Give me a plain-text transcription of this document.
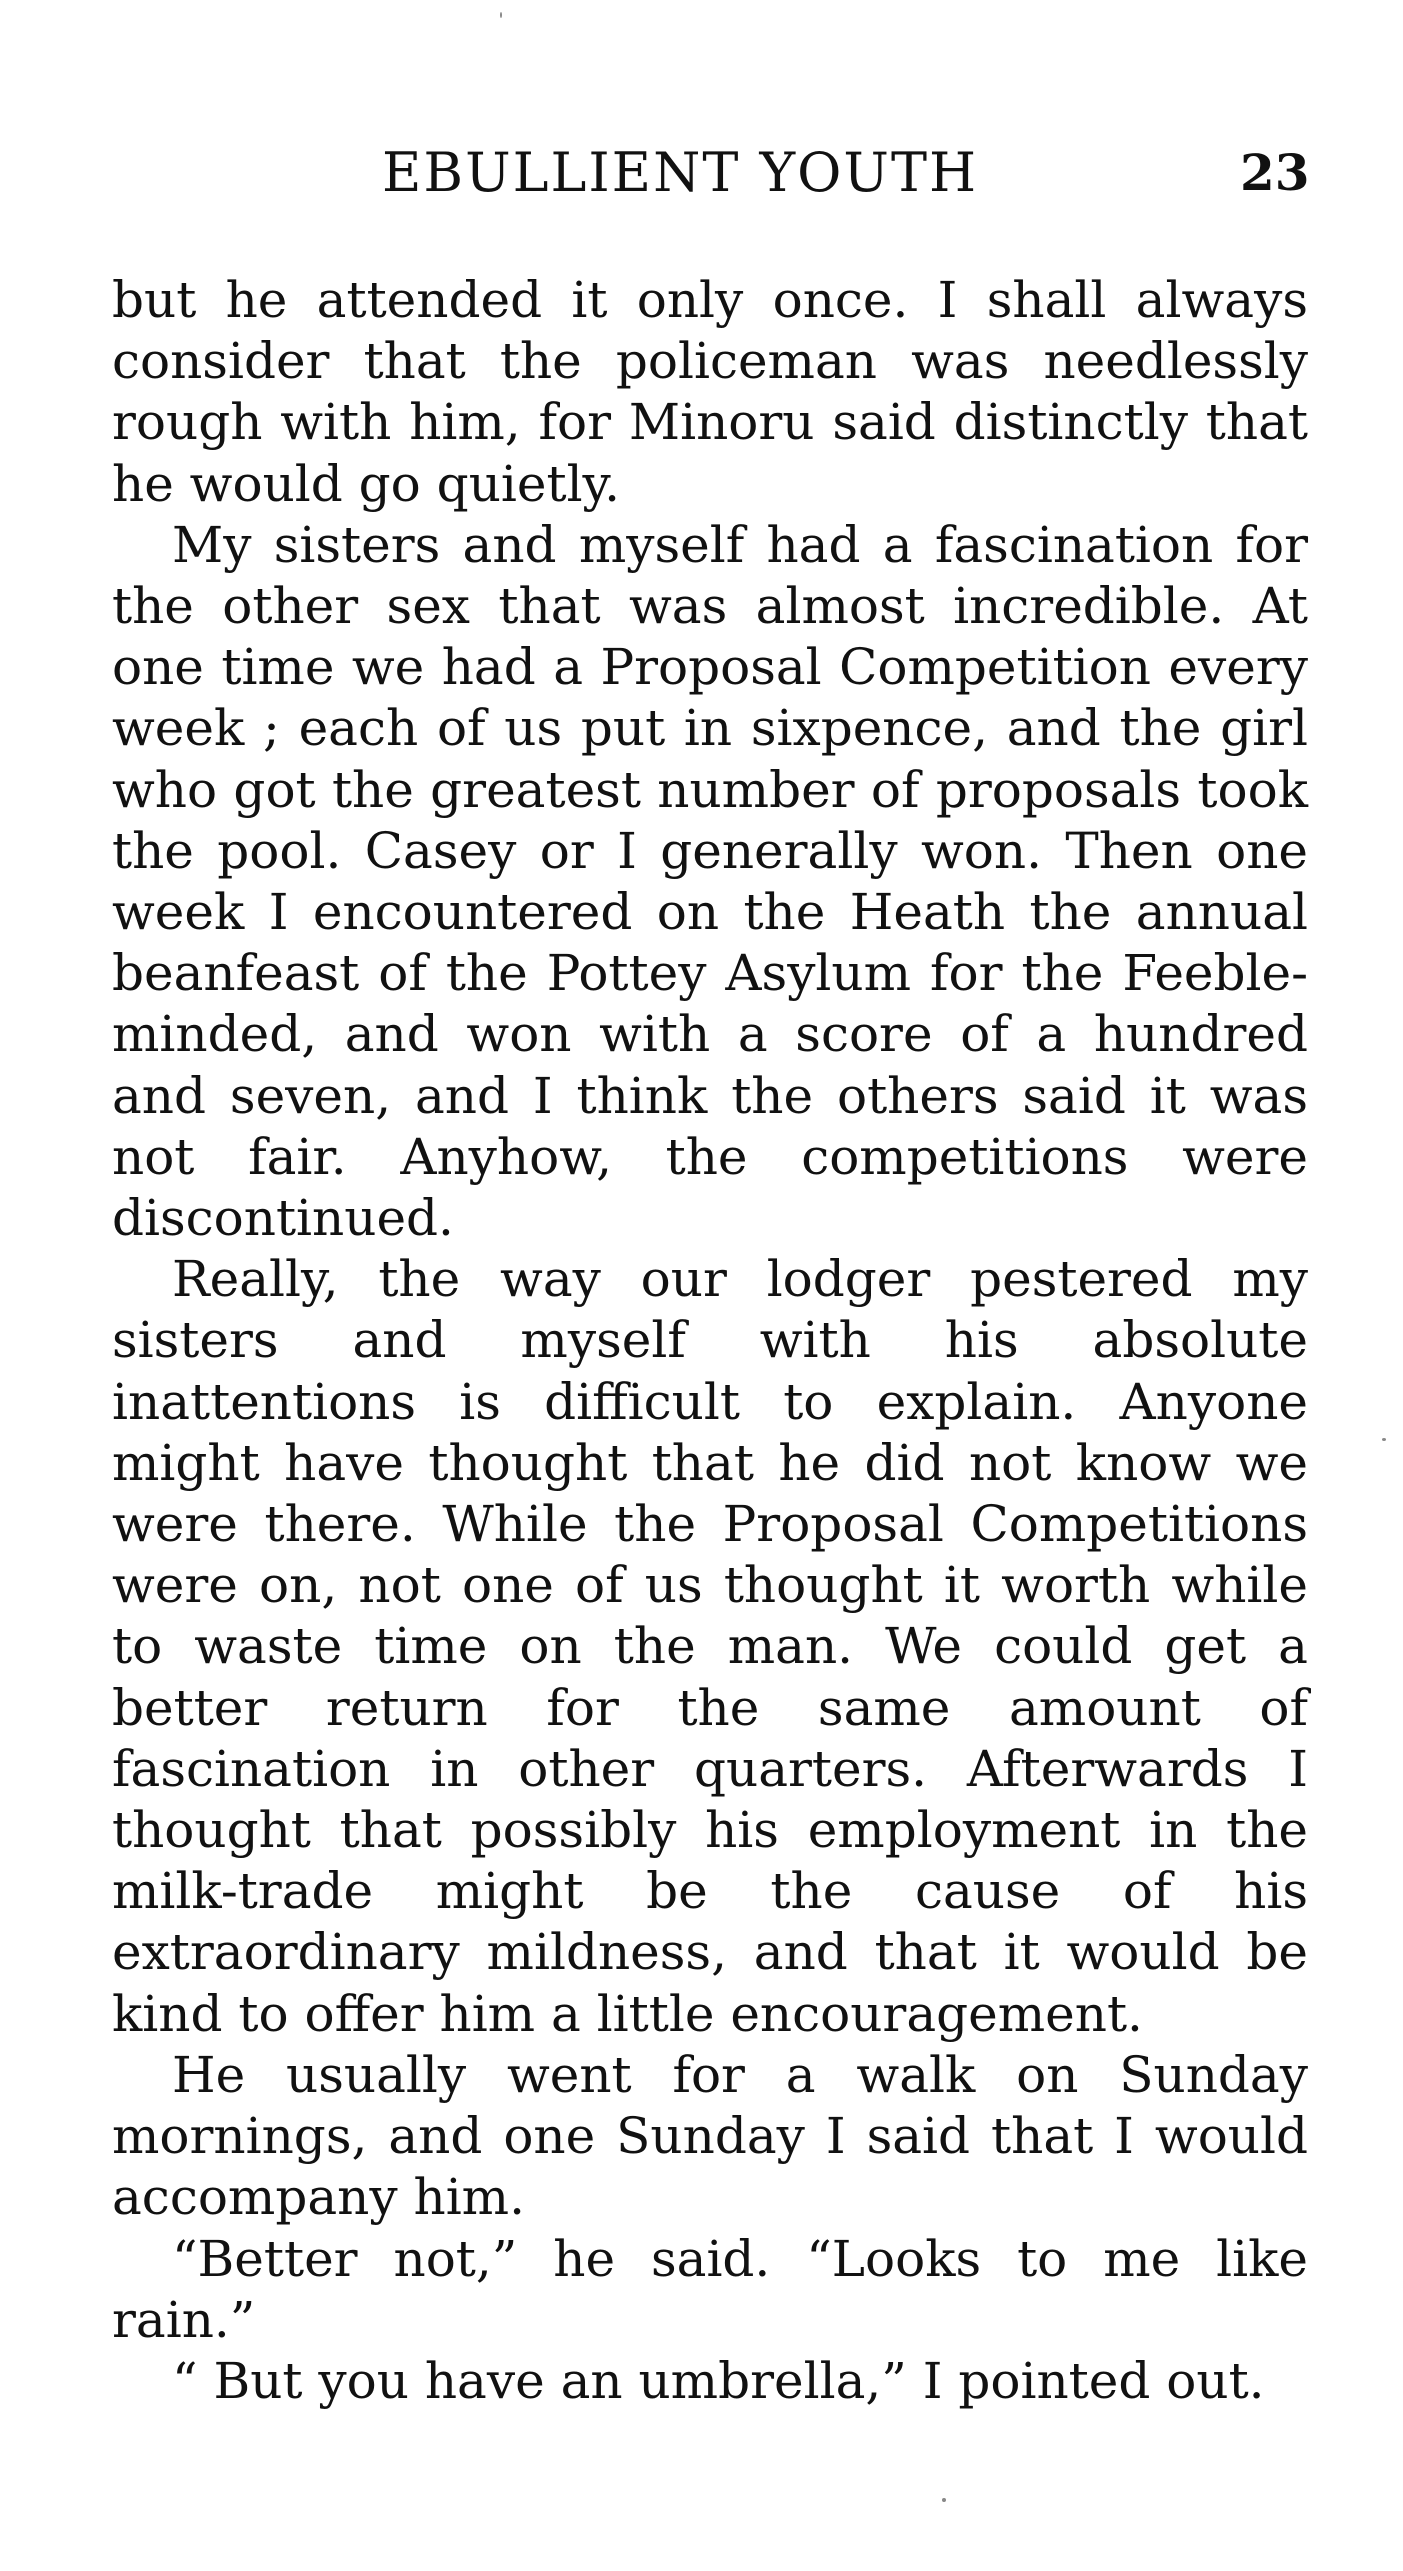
EBULLIENT YOUTH	23

but he attended it only once. I shall always consider that the policeman was needlessly rough with him, for Minoru said distinctly that he would go quietly.

My sisters and myself had a fascination for the other sex that was almost incredible. At one time we had a Proposal Competition every week ; each of us put in sixpence, and the girl who got the greatest number of proposals took the pool. Casey or I generally won. Then one week I encountered on the Heath the annual beanfeast of the Pottey Asylum for the Feeble-minded, and won with a score of a hundred and seven, and I think the others said it was not fair. Anyhow, the competitions were discontinued.

Really, the way our lodger pestered my sisters and myself with his absolute inattentions is difficult to explain. Anyone might have thought that he did not know we were there. While the Proposal Competitions were on, not one of us thought it worth while to waste time on the man. We could get a better return for the same amount of fascination in other quarters. Afterwards I thought that possibly his employment in the milk-trade might be the cause of his extraordinary mildness, and that it would be kind to offer him a little encouragement.

He usually went for a walk on Sunday mornings, and one Sunday I said that I would accompany him.

“Better not,” he said. “Looks to me like rain.”

“ But you have an umbrella,” I pointed out.
